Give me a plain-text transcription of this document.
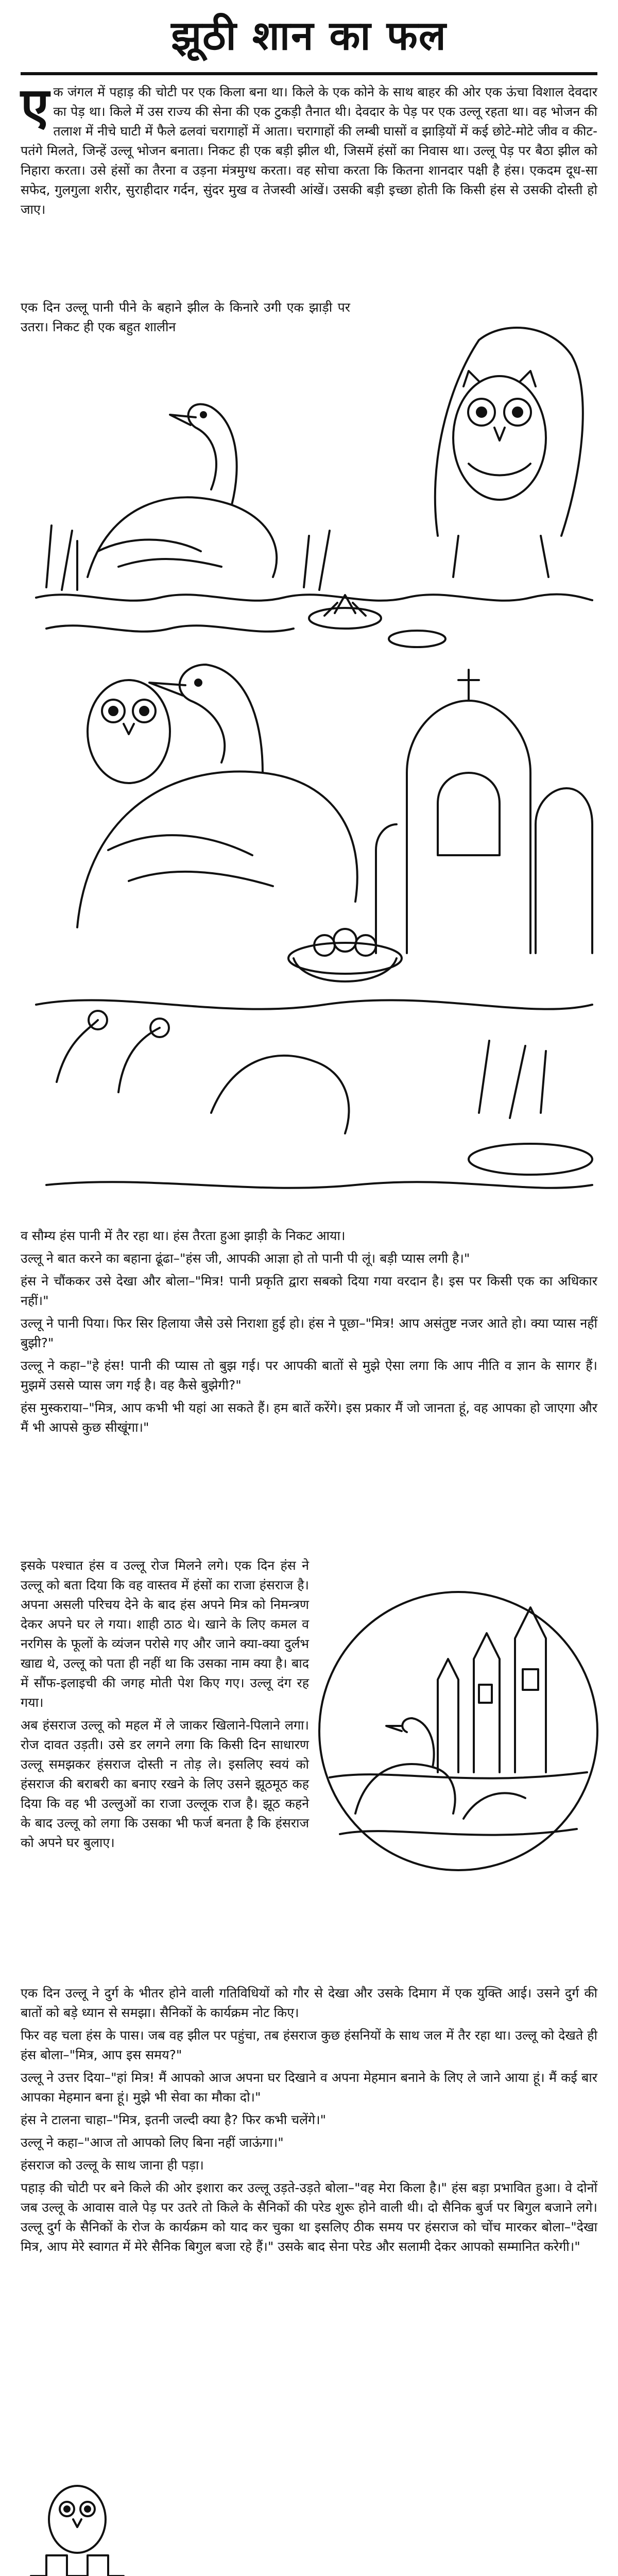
झूठी शान का फल

एक जंगल में पहाड़ की चोटी पर एक किला बना था। किले के एक कोने के साथ बाहर की ओर एक ऊंचा विशाल देवदार का पेड़ था। किले में उस राज्य की सेना की एक टुकड़ी तैनात थी। देवदार के पेड़ पर एक उल्लू रहता था। वह भोजन की तलाश में नीचे घाटी में फैले ढलवां चरागाहों में आता। चरागाहों की लम्बी घासों व झाड़ियों में कई छोटे-मोटे जीव व कीट-पतंगे मिलते, जिन्हें उल्लू भोजन बनाता। निकट ही एक बड़ी झील थी, जिसमें हंसों का निवास था। उल्लू पेड़ पर बैठा झील को निहारा करता। उसे हंसों का तैरना व उड़ना मंत्रमुग्ध करता। वह सोचा करता कि कितना शानदार पक्षी है हंस। एकदम दूध-सा सफेद, गुलगुला शरीर, सुराहीदार गर्दन, सुंदर मुख व तेजस्वी आंखें। उसकी बड़ी इच्छा होती कि किसी हंस से उसकी दोस्ती हो जाए।

एक दिन उल्लू पानी पीने के बहाने झील के किनारे उगी एक झाड़ी पर उतरा। निकट ही एक बहुत शालीन

व सौम्य हंस पानी में तैर रहा था। हंस तैरता हुआ झाड़ी के निकट आया।

उल्लू ने बात करने का बहाना ढूंढा–"हंस जी, आपकी आज्ञा हो तो पानी पी लूं। बड़ी प्यास लगी है।"

हंस ने चौंककर उसे देखा और बोला–"मित्र! पानी प्रकृति द्वारा सबको दिया गया वरदान है। इस पर किसी एक का अधिकार नहीं।"

उल्लू ने पानी पिया। फिर सिर हिलाया जैसे उसे निराशा हुई हो। हंस ने पूछा–"मित्र! आप असंतुष्ट नजर आते हो। क्या प्यास नहीं बुझी?"

उल्लू ने कहा–"हे हंस! पानी की प्यास तो बुझ गई। पर आपकी बातों से मुझे ऐसा लगा कि आप नीति व ज्ञान के सागर हैं। मुझमें उससे प्यास जग गई है। वह कैसे बुझेगी?"

हंस मुस्कराया–"मित्र, आप कभी भी यहां आ सकते हैं। हम बातें करेंगे। इस प्रकार मैं जो जानता हूं, वह आपका हो जाएगा और मैं भी आपसे कुछ सीखूंगा।"

इसके पश्चात हंस व उल्लू रोज मिलने लगे। एक दिन हंस ने उल्लू को बता दिया कि वह वास्तव में हंसों का राजा हंसराज है। अपना असली परिचय देने के बाद हंस अपने मित्र को निमन्त्रण देकर अपने घर ले गया। शाही ठाठ थे। खाने के लिए कमल व नरगिस के फूलों के व्यंजन परोसे गए और जाने क्या-क्या दुर्लभ खाद्य थे, उल्लू को पता ही नहीं था कि उसका नाम क्या है। बाद में सौंफ-इलाइची की जगह मोती पेश किए गए। उल्लू दंग रह गया।

अब हंसराज उल्लू को महल में ले जाकर खिलाने-पिलाने लगा। रोज दावत उड़ती। उसे डर लगने लगा कि किसी दिन साधारण उल्लू समझकर हंसराज दोस्ती न तोड़ ले। इसलिए स्वयं को हंसराज की बराबरी का बनाए रखने के लिए उसने झूठमूठ कह दिया कि वह भी उल्लुओं का राजा उल्लूक राज है। झूठ कहने के बाद उल्लू को लगा कि उसका भी फर्ज बनता है कि हंसराज को अपने घर बुलाए।

एक दिन उल्लू ने दुर्ग के भीतर होने वाली गतिविधियों को गौर से देखा और उसके दिमाग में एक युक्ति आई। उसने दुर्ग की बातों को बड़े ध्यान से समझा। सैनिकों के कार्यक्रम नोट किए।

फिर वह चला हंस के पास। जब वह झील पर पहुंचा, तब हंसराज कुछ हंसनियों के साथ जल में तैर रहा था। उल्लू को देखते ही हंस बोला–"मित्र, आप इस समय?"

उल्लू ने उत्तर दिया–"हां मित्र! मैं आपको आज अपना घर दिखाने व अपना मेहमान बनाने के लिए ले जाने आया हूं। मैं कई बार आपका मेहमान बना हूं। मुझे भी सेवा का मौका दो।"

हंस ने टालना चाहा–"मित्र, इतनी जल्दी क्या है? फिर कभी चलेंगे।"

उल्लू ने कहा–"आज तो आपको लिए बिना नहीं जाऊंगा।"

हंसराज को उल्लू के साथ जाना ही पड़ा।

पहाड़ की चोटी पर बने किले की ओर इशारा कर उल्लू उड़ते-उड़ते बोला–"वह मेरा किला है।" हंस बड़ा प्रभावित हुआ। वे दोनों जब उल्लू के आवास वाले पेड़ पर उतरे तो किले के सैनिकों की परेड शुरू होने वाली थी। दो सैनिक बुर्ज पर बिगुल बजाने लगे। उल्लू दुर्ग के सैनिकों के रोज के कार्यक्रम को याद कर चुका था इसलिए ठीक समय पर हंसराज को चोंच मारकर बोला–"देखा मित्र, आप मेरे स्वागत में मेरे सैनिक बिगुल बजा रहे हैं।" उसके बाद सेना परेड और सलामी देकर आपको सम्मानित करेगी।"
